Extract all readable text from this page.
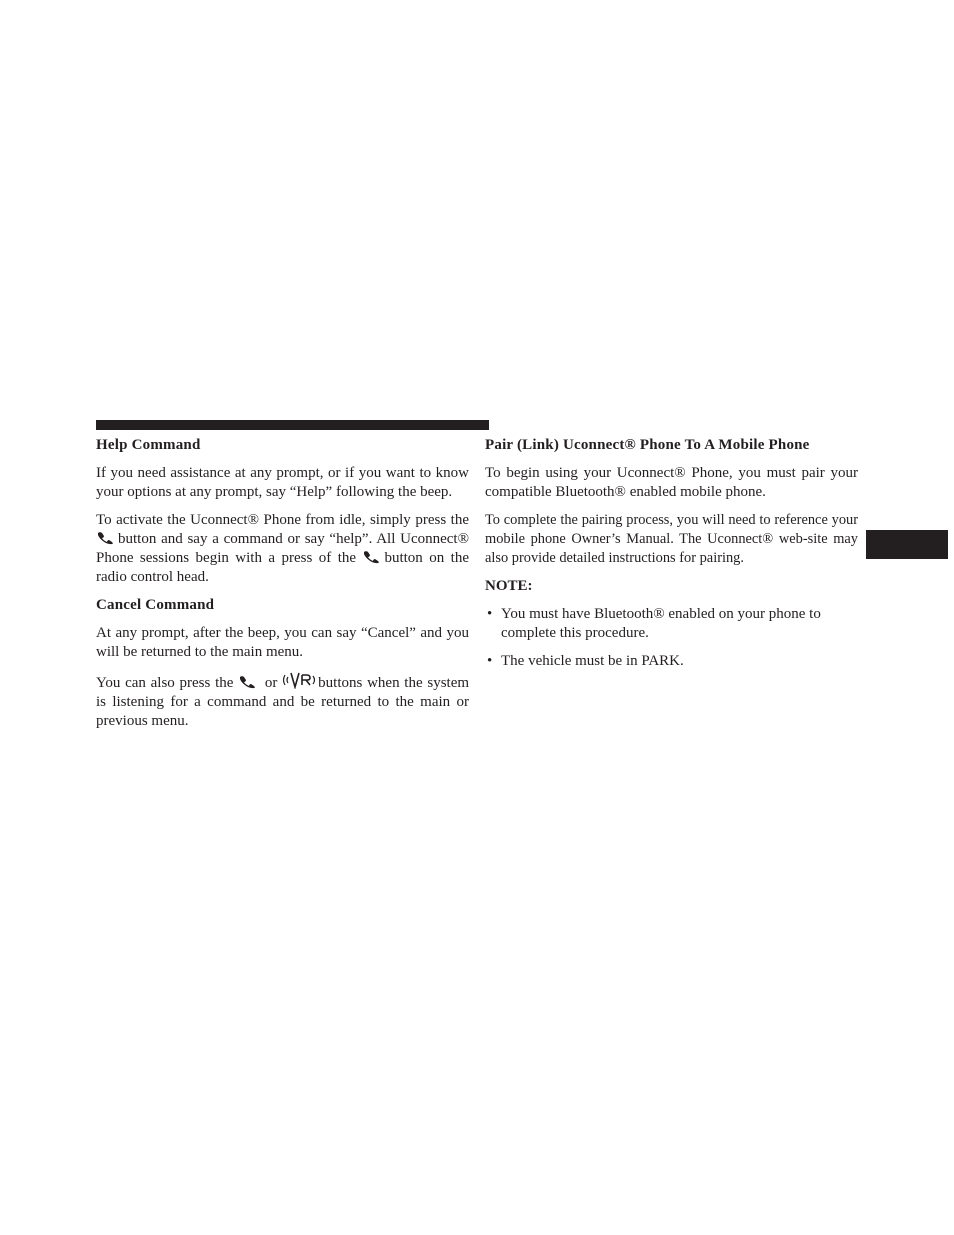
Help Command

If you need assistance at any prompt, or if you want to know your options at any prompt, say “Help” following the beep.

To activate the Uconnect® Phone from idle, simply press the
button and say a command or say “help”. All Uconnect® Phone sessions begin with a press of the button on the radio control head.

Cancel Command

At any prompt, after the beep, you can say “Cancel” and you will be returned to the main menu.

You can also press the or	buttons when the system is listening for a command and be returned to the main or previous menu.

Pair (Link) Uconnect® Phone To A Mobile Phone

To begin using your Uconnect® Phone, you must pair your compatible Bluetooth® enabled mobile phone.

To complete the pairing process, you will need to reference your mobile phone Owner’s Manual. The Uconnect® web-site may also provide detailed instructions for pairing.

NOTE:
• You must have Bluetooth® enabled on your phone to complete this procedure.
• The vehicle must be in PARK.
